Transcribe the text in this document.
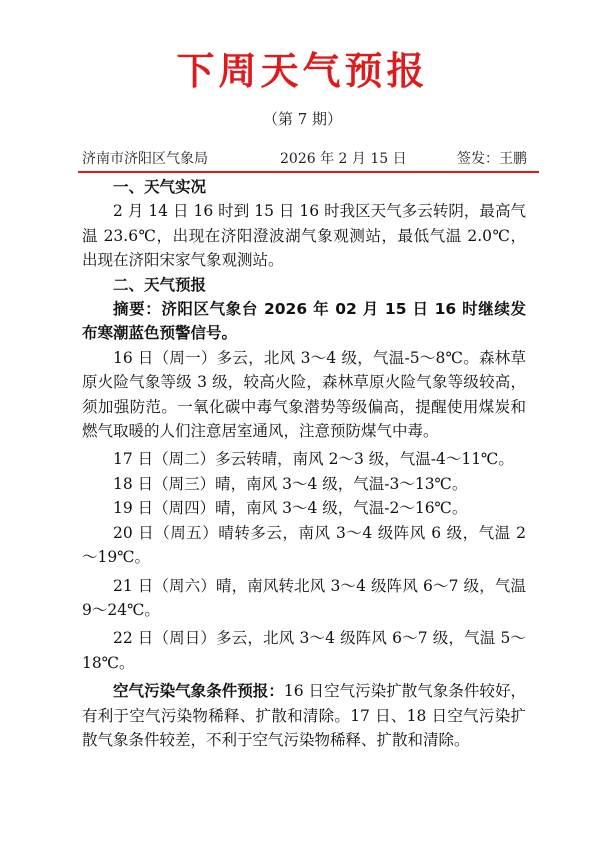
下周天气预报
（第 7 期）
济南市济阳区气象局	2026 年 2 月 15 日	签发：王鹏

一、天气实况

2 月 14 日 16 时到 15 日 16 时我区天气多云转阴，最高气温 23.6℃，出现在济阳澄波湖气象观测站，最低气温 2.0℃，出现在济阳宋家气象观测站。

二、天气预报

摘要：济阳区气象台 2026 年 02 月 15 日 16 时继续发布寒潮蓝色预警信号。

16 日（周一）多云，北风 3～4 级，气温-5～8℃。森林草原火险气象等级 3 级，较高火险，森林草原火险气象等级较高，须加强防范。一氧化碳中毒气象潜势等级偏高，提醒使用煤炭和燃气取暖的人们注意居室通风，注意预防煤气中毒。

17 日（周二）多云转晴，南风 2～3 级，气温-4～11℃。

18 日（周三）晴，南风 3～4 级，气温-3～13℃。

19 日（周四）晴，南风 3～4 级，气温-2～16℃。

20 日（周五）晴转多云，南风 3～4 级阵风 6 级，气温 2～19℃。

21 日（周六）晴，南风转北风 3～4 级阵风 6～7 级，气温 9～24℃。

22 日（周日）多云，北风 3～4 级阵风 6～7 级，气温 5～18℃。

空气污染气象条件预报：16 日空气污染扩散气象条件较好，有利于空气污染物稀释、扩散和清除。17 日、18 日空气污染扩散气象条件较差，不利于空气污染物稀释、扩散和清除。
